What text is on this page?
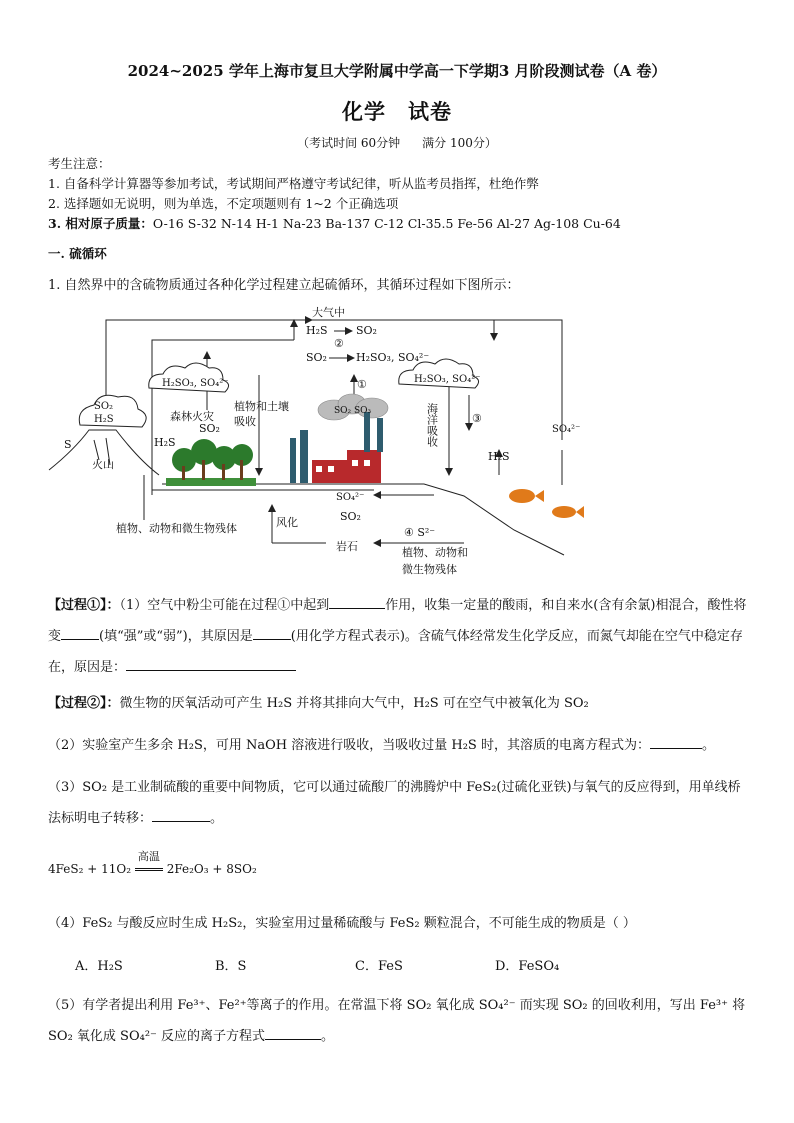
2024~2025 学年上海市复旦大学附属中学高一下学期3 月阶段测试卷（A 卷）
化学 试卷
（考试时间 60分钟 满分 100分）
考生注意：
1. 自备科学计算器等参加考试，考试期间严格遵守考试纪律，听从监考员指挥，杜绝作弊
2. 选择题如无说明，则为单选，不定项题则有 1~2 个正确选项
3. 相对原子质量：O-16 S-32 N-14 H-1 Na-23 Ba-137 C-12 Cl-35.5 Fe-56 Al-27 Ag-108 Cu-64
一. 硫循环
1. 自然界中的含硫物质通过各种化学过程建立起硫循环，其循环过程如下图所示：
大气中
H₂S	SO₂
②
SO₂	H₂SO₃, SO₄²⁻
①
H₂SO₃, SO₄²⁻	H₂SO₃, SO₄²⁻
SO₂
H₂S
S
火山
森林火灾
SO₂
H₂S
植物和土壤
吸收
SO₂ SO₃	海洋吸收	③
H₂S
SO₄²⁻
SO₄²⁻
SO₂
风化
植物、动物和微生物残体	④ S²⁻
岩石	植物、动物和
微生物残体
【过程①】：（1）空气中粉尘可能在过程①中起到	作用，收集一定量的酸雨，和自来水(含有余氯)相混合，酸性将变	(填“强”或“弱”)，其原因是	(用化学方程式表示)。含硫气体经常发生化学反应，而氮气却能在空气中稳定存在，原因是：
【过程②】：微生物的厌氧活动可产生 H₂S 并将其排向大气中，H₂S 可在空气中被氧化为 SO₂
（2）实验室产生多余 H₂S，可用 NaOH 溶液进行吸收，当吸收过量 H₂S 时，其溶质的电离方程式为：	。
（3）SO₂ 是工业制硫酸的重要中间物质，它可以通过硫酸厂的沸腾炉中 FeS₂(过硫化亚铁)与氧气的反应得到，用单线桥法标明电子转移：	。
4FeS₂ + 11O₂
高温
2Fe₂O₃ + 8SO₂
（4）FeS₂ 与酸反应时生成 H₂S₂，实验室用过量稀硫酸与 FeS₂ 颗粒混合，不可能生成的物质是（ ）
A．H₂S	B．S	C．FeS	D．FeSO₄
（5）有学者提出利用 Fe³⁺、Fe²⁺等离子的作用。在常温下将 SO₂ 氧化成 SO₄²⁻ 而实现 SO₂ 的回收利用，写出 Fe³⁺ 将SO₂ 氧化成 SO₄²⁻ 反应的离子方程式	。
